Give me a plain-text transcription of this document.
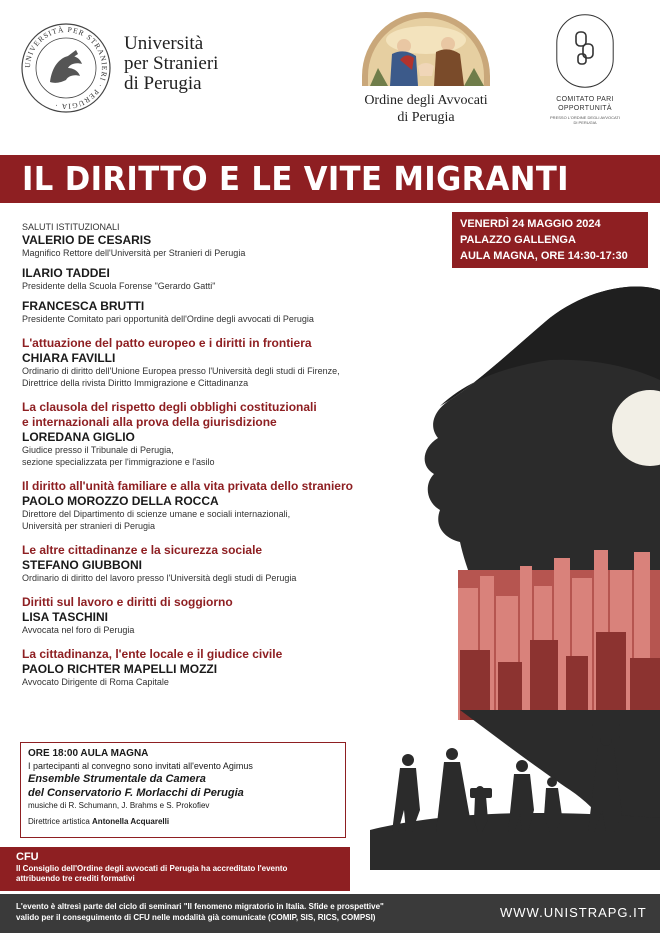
UNIVERSITÀ PER STRANIERI · PERUGIA ·
Università
per Stranieri
di Perugia
Ordine degli Avvocati
di Perugia
COMITATO PARI
OPPORTUNITÀ
PRESSO L'ORDINE DEGLI AVVOCATI
DI PERUGIA
IL DIRITTO E LE VITE MIGRANTI
VENERDÌ 24 MAGGIO 2024
PALAZZO GALLENGA
AULA MAGNA, ORE 14:30-17:30
SALUTI ISTITUZIONALI
VALERIO DE CESARIS
Magnifico Rettore dell'Università per Stranieri di Perugia
ILARIO TADDEI
Presidente della Scuola Forense "Gerardo Gatti"
FRANCESCA BRUTTI
Presidente Comitato pari opportunità dell'Ordine degli avvocati di Perugia
L'attuazione del patto europeo e i diritti in frontiera
CHIARA FAVILLI
Ordinario di diritto dell'Unione Europea presso l'Università degli studi di Firenze,
Direttrice della rivista Diritto Immigrazione e Cittadinanza
La clausola del rispetto degli obblighi costituzionali
e internazionali alla prova della giurisdizione
LOREDANA GIGLIO
Giudice presso il Tribunale di Perugia,
sezione specializzata per l'immigrazione e l'asilo
Il diritto all'unità familiare e alla vita privata dello straniero
PAOLO MOROZZO DELLA ROCCA
Direttore del Dipartimento di scienze umane e sociali internazionali,
Università per stranieri di Perugia
Le altre cittadinanze e la sicurezza sociale
STEFANO GIUBBONI
Ordinario di diritto del lavoro presso l'Università degli studi di Perugia
Diritti sul lavoro e diritti di soggiorno
LISA TASCHINI
Avvocata nel foro di Perugia
La cittadinanza, l'ente locale e il giudice civile
PAOLO RICHTER MAPELLI MOZZI
Avvocato Dirigente di Roma Capitale
ORE 18:00 AULA MAGNA
I partecipanti al convegno sono invitati all'evento Agimus
Ensemble Strumentale da Camera
del Conservatorio F. Morlacchi di Perugia
musiche di R. Schumann, J. Brahms e S. Prokofiev
Direttrice artistica Antonella Acquarelli
CFU
Il Consiglio dell'Ordine degli avvocati di Perugia ha accreditato l'evento
attribuendo tre crediti formativi
L'evento è altresì parte del ciclo di seminari "Il fenomeno migratorio in Italia. Sfide e prospettive"
valido per il conseguimento di CFU nelle modalità già comunicate (COMIP, SIS, RICS, COMPSI)	WWW.UNISTRAPG.IT
